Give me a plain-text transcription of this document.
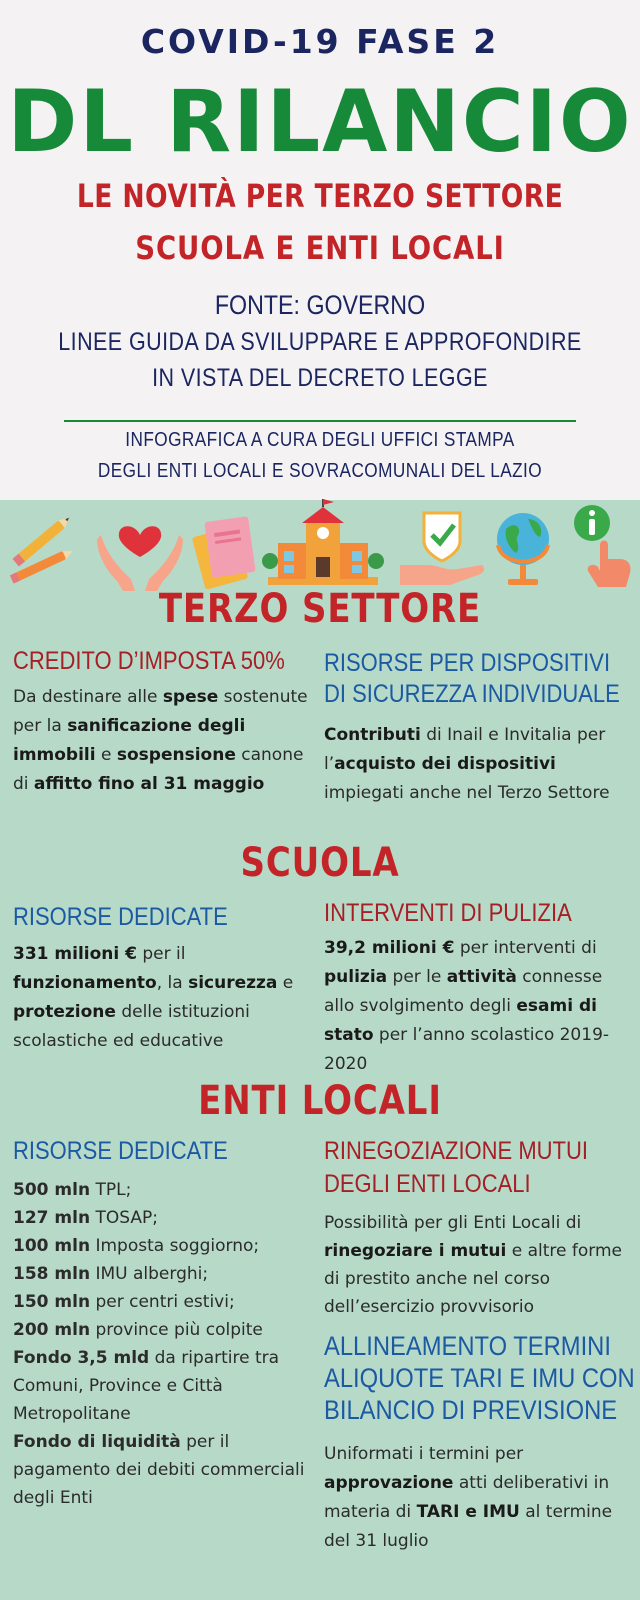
COVID-19 FASE 2
DL RILANCIO
LE NOVITÀ PER TERZO SETTORE
SCUOLA E ENTI LOCALI
FONTE: GOVERNO
LINEE GUIDA DA SVILUPPARE E APPROFONDIRE
IN VISTA DEL DECRETO LEGGE
INFOGRAFICA A CURA DEGLI UFFICI STAMPA
DEGLI ENTI LOCALI E SOVRACOMUNALI DEL LAZIO
TERZO SETTORE
CREDITO D’IMPOSTA 50%

Da destinare alle spese sostenute per la sanificazione degli immobili e sospensione canone di affitto fino al 31 maggio

RISORSE PER DISPOSITIVI
DI SICUREZZA INDIVIDUALE

Contributi di Inail e Invitalia per l’acquisto dei dispositivi impiegati anche nel Terzo Settore

SCUOLA
RISORSE DEDICATE

331 milioni € per il funzionamento, la sicurezza e protezione delle istituzioni scolastiche ed educative

INTERVENTI DI PULIZIA

39,2 milioni € per interventi di pulizia per le attività connesse allo svolgimento degli esami di stato per l’anno scolastico 2019-2020

ENTI LOCALI
RISORSE DEDICATE
500 mln TPL;
127 mln TOSAP;
100 mln Imposta soggiorno;
158 mln IMU alberghi;
150 mln per centri estivi;
200 mln province più colpite
Fondo 3,5 mld da ripartire tra Comuni, Province e Città Metropolitane
Fondo di liquidità per il pagamento dei debiti commerciali degli Enti
RINEGOZIAZIONE MUTUI
DEGLI ENTI LOCALI

Possibilità per gli Enti Locali di rinegoziare i mutui e altre forme di prestito anche nel corso dell’esercizio provvisorio

ALLINEAMENTO TERMINI
ALIQUOTE TARI E IMU CON
BILANCIO DI PREVISIONE

Uniformati i termini per approvazione atti deliberativi in materia di TARI e IMU al termine del 31 luglio
